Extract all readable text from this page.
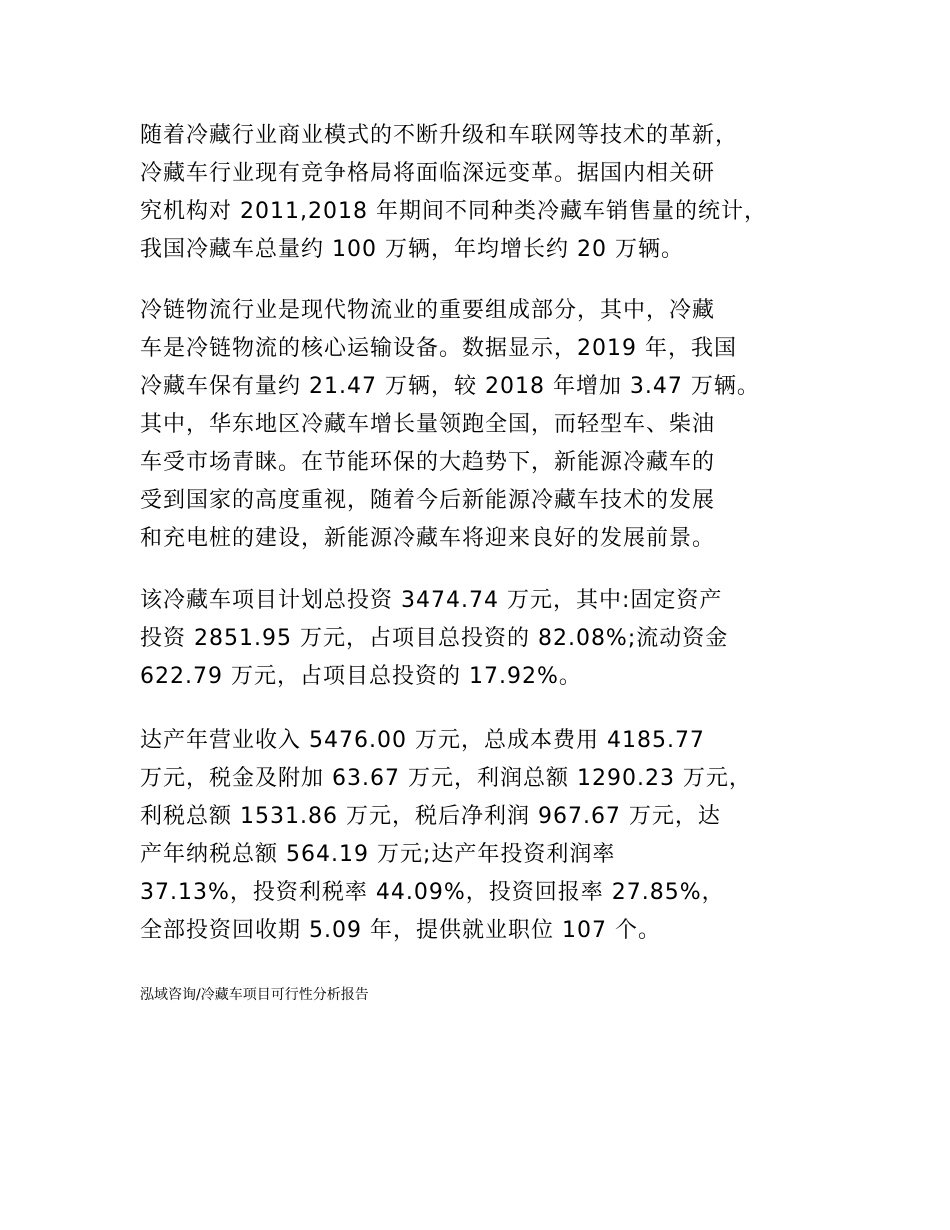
随着冷藏行业商业模式的不断升级和车联网等技术的革新，
冷藏车行业现有竞争格局将面临深远变革。据国内相关研
究机构对 2011,2018 年期间不同种类冷藏车销售量的统计，
我国冷藏车总量约 100 万辆，年均增长约 20 万辆。
冷链物流行业是现代物流业的重要组成部分，其中，冷藏
车是冷链物流的核心运输设备。数据显示，2019 年，我国
冷藏车保有量约 21.47 万辆，较 2018 年增加 3.47 万辆。
其中，华东地区冷藏车增长量领跑全国，而轻型车、柴油
车受市场青睐。在节能环保的大趋势下，新能源冷藏车的
受到国家的高度重视，随着今后新能源冷藏车技术的发展
和充电桩的建设，新能源冷藏车将迎来良好的发展前景。
该冷藏车项目计划总投资 3474.74 万元，其中:固定资产
投资 2851.95 万元，占项目总投资的 82.08%;流动资金
622.79 万元，占项目总投资的 17.92%。
达产年营业收入 5476.00 万元，总成本费用 4185.77
万元，税金及附加 63.67 万元，利润总额 1290.23 万元，
利税总额 1531.86 万元，税后净利润 967.67 万元，达
产年纳税总额 564.19 万元;达产年投资利润率
37.13%，投资利税率 44.09%，投资回报率 27.85%，
全部投资回收期 5.09 年，提供就业职位 107 个。
泓域咨询/冷藏车项目可行性分析报告
